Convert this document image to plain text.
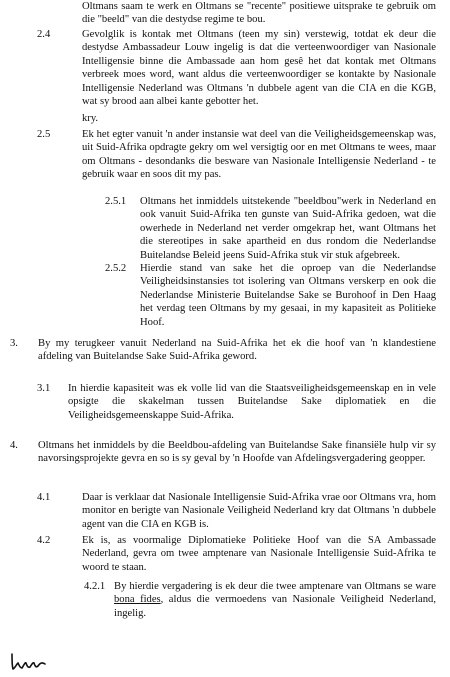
Oltmans saam te werk en Oltmans se "recente" positiewe uitsprake te gebruik om die "beeld" van die destydse regime te bou.

2.4	Gevolglik is kontak met Oltmans (teen my sin) verstewig, totdat ek deur die destydse Ambassadeur Louw ingelig is dat die verteenwoordiger van Nasionale Intelligensie binne die Ambassade aan hom gesê het dat kontak met Oltmans verbreek moes word, want aldus die verteenwoordiger se kontakte by Nasionale Intelligensie Nederland was Oltmans 'n dubbele agent van die CIA en die KGB, wat sy brood aan albei kante gebotter het.

kry.

2.5	Ek het egter vanuit 'n ander instansie wat deel van die Veiligheidsgemeenskap was, uit Suid-Afrika opdragte gekry om wel versigtig oor en met Oltmans te wees, maar om Oltmans - desondanks die besware van Nasionale Intelligensie Nederland - te gebruik waar en soos dit my pas.

2.5.1 Oltmans het inmiddels uitstekende "beeldbou"werk in Nederland en ook vanuit Suid-Afrika ten gunste van Suid-Afrika gedoen, wat die owerhede in Nederland net verder omgekrap het, want Oltmans het die stereotipes in sake apartheid en dus rondom die Nederlandse Buitelandse Beleid jeens Suid-Afrika stuk vir stuk afgebreek.

2.5.2 Hierdie stand van sake het die oproep van die Nederlandse Veiligheidsinstansies tot isolering van Oltmans verskerp en ook die Nederlandse Ministerie Buitelandse Sake se Burohoof in Den Haag het verdag teen Oltmans by my gesaai, in my kapasiteit as Politieke Hoof.

3. By my terugkeer vanuit Nederland na Suid-Afrika het ek die hoof van 'n klandestiene afdeling van Buitelandse Sake Suid-Afrika geword.

3.1 In hierdie kapasiteit was ek volle lid van die Staatsveiligheidsgemeenskap en in vele opsigte die skakelman tussen Buitelandse Sake diplomatiek en die Veiligheidsgemeenskappe Suid-Afrika.

4. Oltmans het inmiddels by die Beeldbou-afdeling van Buitelandse Sake finansiële hulp vir sy navorsingsprojekte gevra en so is sy geval by 'n Hoofde van Afdelingsvergadering geopper.

4.1	Daar is verklaar dat Nasionale Intelligensie Suid-Afrika vrae oor Oltmans vra, hom monitor en berigte van Nasionale Veiligheid Nederland kry dat Oltmans 'n dubbele agent van die CIA en KGB is.

4.2	Ek is, as voormalige Diplomatieke Politieke Hoof van die SA Ambassade Nederland, gevra om twee amptenare van Nasionale Intelligensie Suid-Afrika te woord te staan.

4.2.1 By hierdie vergadering is ek deur die twee amptenare van Oltmans se ware bona fides, aldus die vermoedens van Nasionale Veiligheid Nederland, ingelig.
